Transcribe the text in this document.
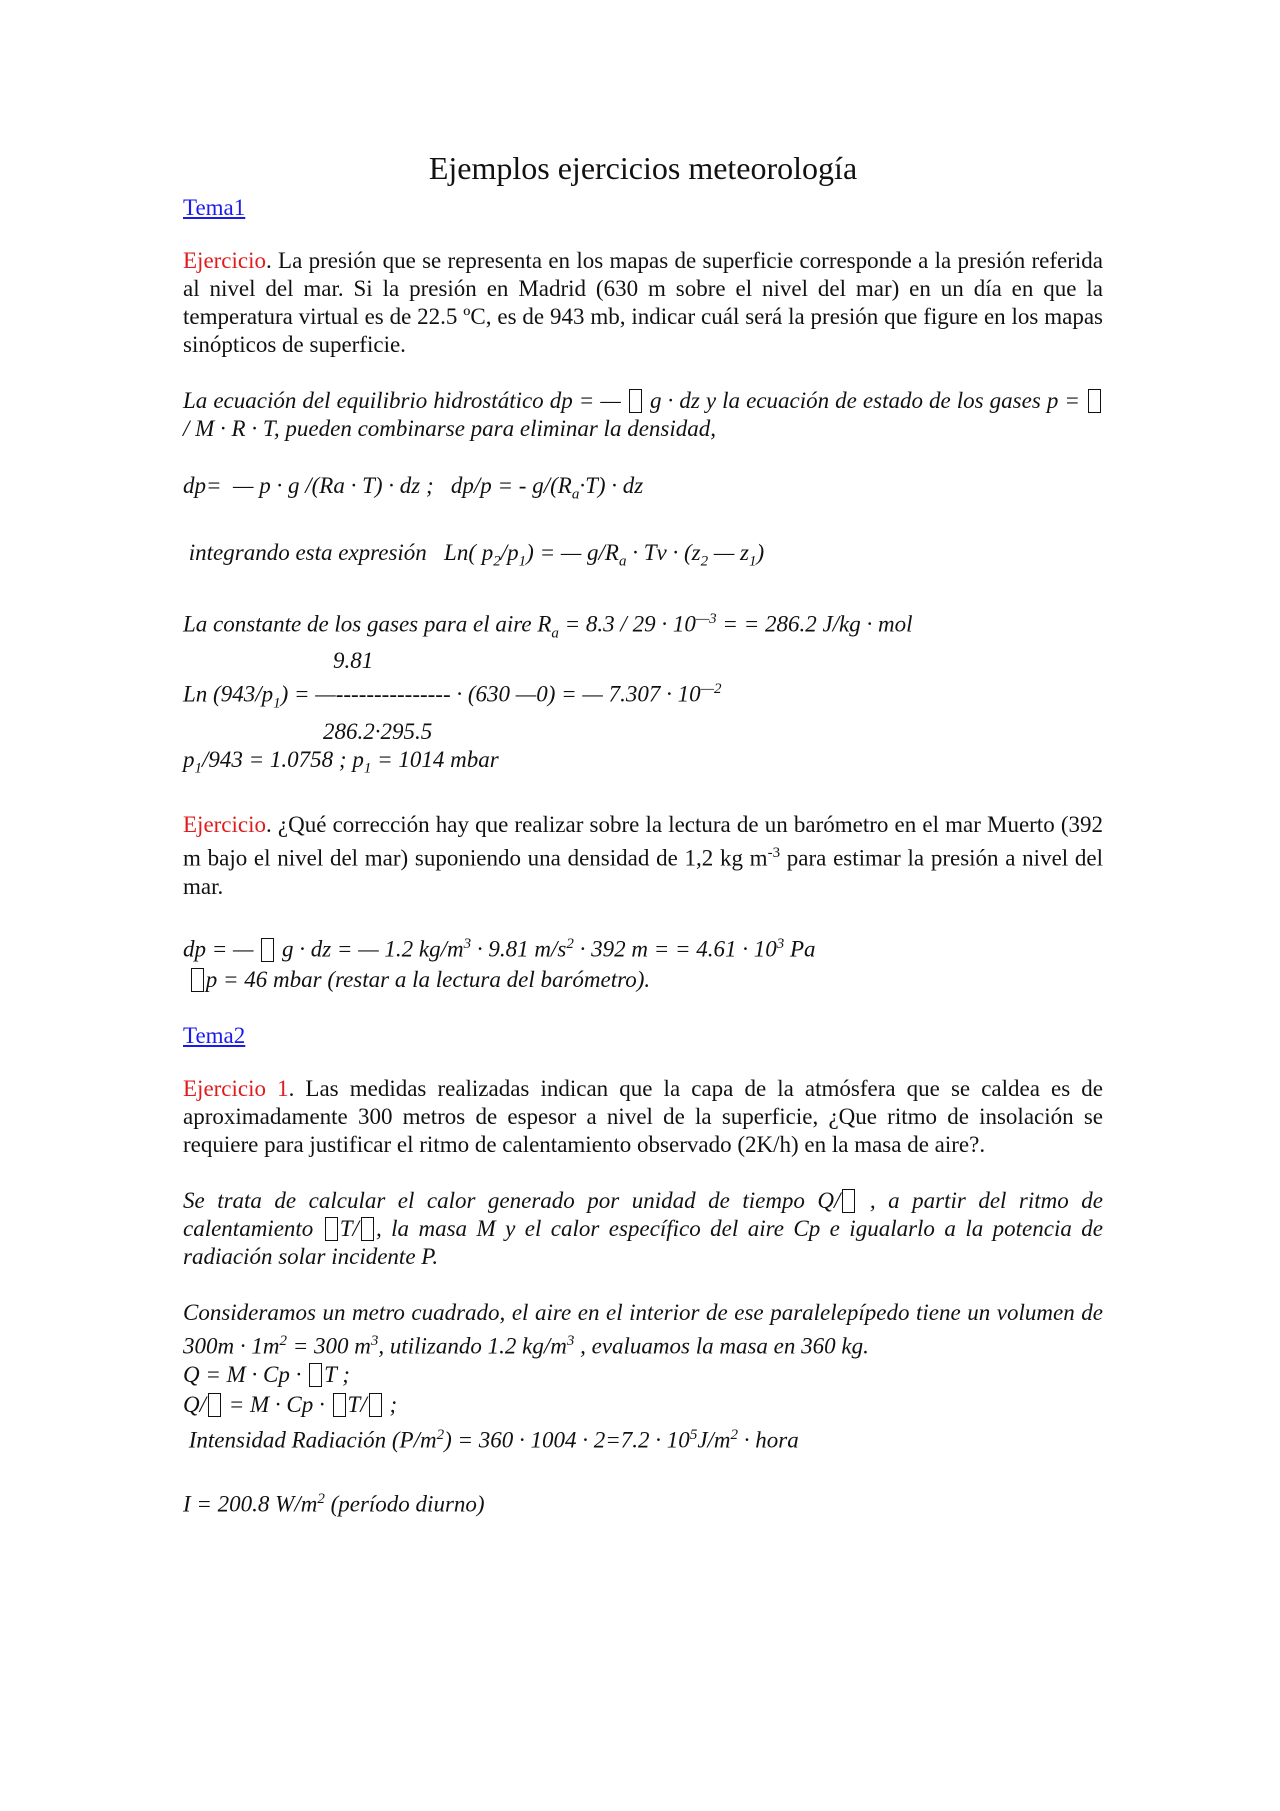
Ejemplos ejercicios meteorología

Tema1

Ejercicio. La presión que se representa en los mapas de superficie corresponde a la presión referida al nivel del mar. Si la presión en Madrid (630 m sobre el nivel del mar) en un día en que la temperatura virtual es de 22.5 ºC, es de 943 mb, indicar cuál será la presión que figure en los mapas sinópticos de superficie.

La ecuación del equilibrio hidrostático dp = — g · dz y la ecuación de estado de los gases p =  / M · R · T, pueden combinarse para eliminar la densidad,

dp=  — p · g /(Ra · T) · dz ;   dp/p = - $g/(R_a\cdot T)$ · dz

integrando esta expresión   Ln( $p_2/p_1$) = — $g/R_a \cdot Tv \cdot (z_2$ — $z_1$)

La constante de los gases para el aire $R_a = 8.3 / 29 \cdot 10^{—3}$ = = 286.2 J/kg · mol

9.81

Ln $(943/p_1)$ = —--------------- · (630 —0) = — $7.307 \cdot 10^{—2}$

286.2·295.5

$p_1/943 = 1.0758$ ; $p_1 = 1014$ mbar

Ejercicio. ¿Qué corrección hay que realizar sobre la lectura de un barómetro en el mar Muerto (392 m bajo el nivel del mar) suponiendo una densidad de 1,2 kg $m^{-3}$ para estimar la presión a nivel del mar.

dp = — g · dz = — 1.2 $kg/m^3 \cdot 9.81$ $m/s^2 \cdot 392$ m = = $4.61 \cdot 10^3$ Pa

p = 46 mbar (restar a la lectura del barómetro).

Tema2

Ejercicio 1. Las medidas realizadas indican que la capa de la atmósfera que se caldea es de aproximadamente 300 metros de espesor a nivel de la superficie, ¿Que ritmo de insolación se requiere para justificar el ritmo de calentamiento observado (2K/h) en la masa de aire?.

Se trata de calcular el calor generado por unidad de tiempo Q/ , a partir del ritmo de calentamiento T/ , la masa M y el calor específico del aire Cp e igualarlo a la potencia de radiación solar incidente P.

Consideramos un metro cuadrado, el aire en el interior de ese paralelepípedo tiene un volumen de $300m \cdot 1m^2 = 300$ $m^3$, utilizando 1.2 $kg/m^3$ , evaluamos la masa en 360 kg.

Q = M · Cp · T ;

Q/ = M · Cp · T/ ;

Intensidad Radiación $(P/m^2) = 360 \cdot 1004 \cdot 2=7.2 \cdot 10^5J/m^2$ · hora

I = 200.8 $W/m^2$ (período diurno)
